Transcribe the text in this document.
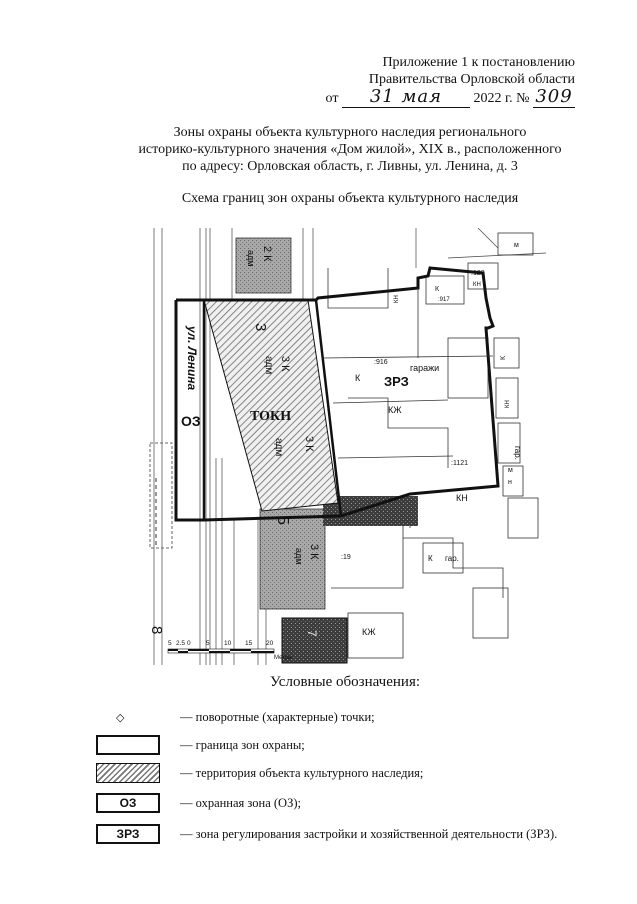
Приложение 1 к постановлению
Правительства Орловской области
от 31 мая 2022 г. № 309
Зоны охраны объекта культурного наследия регионального
историко-культурного значения «Дом жилой», XIX в., расположенного
по адресу: Орловская область, г. Ливны, ул. Ленина, д. 3
Схема границ зон охраны объекта культурного наследия
м
:128
КН
К
:917
КН
К
:916
К
гаражи
КЖ
КН
гар.
м
н
:1121
КН
:19	К гар.
КЖ
3
3 К
адм
адм 3 К
2 К
адм
5
3 К
адм
8	7
ул. Ленина
ОЗ
ЗРЗ
ТОКН
5 2.5 0 5 10 15 20
Метры
Условные обозначения:
◇	— поворотные (характерные) точки;
— граница зон охраны;
— территория объекта культурного наследия;
ОЗ	— охранная зона (ОЗ);
ЗРЗ	— зона регулирования застройки и хозяйственной деятельности (ЗРЗ).
